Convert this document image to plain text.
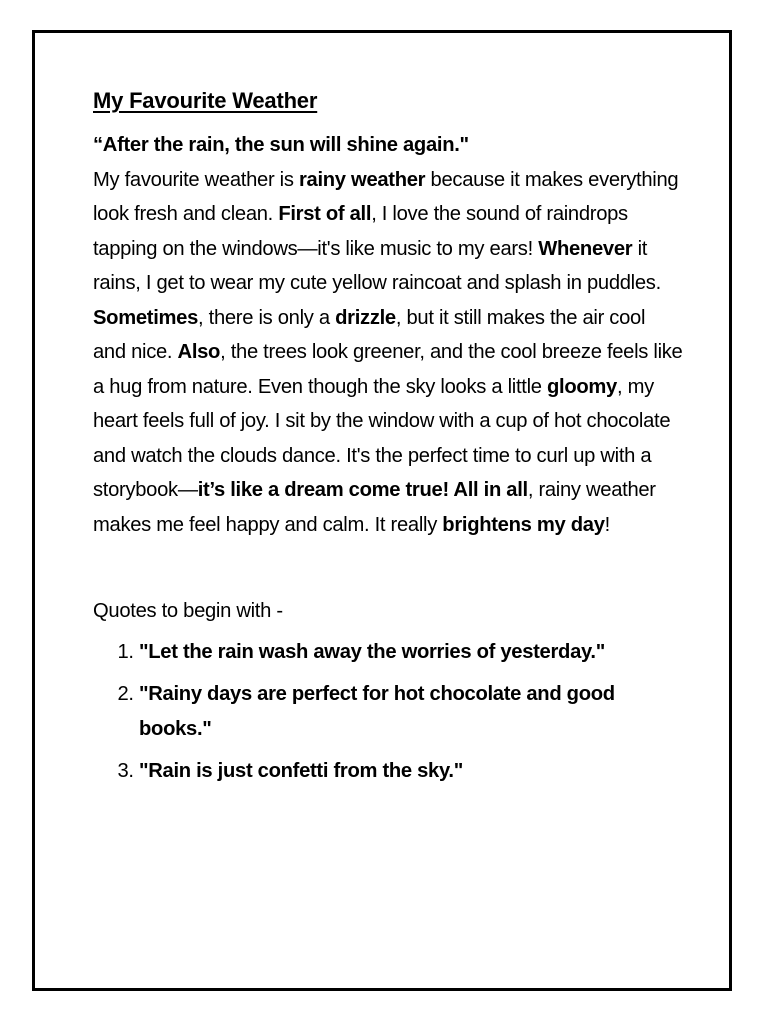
My Favourite Weather

“After the rain, the sun will shine again."
My favourite weather is rainy weather because it makes everything look fresh and clean. First of all, I love the sound of raindrops tapping on the windows—it's like music to my ears! Whenever it rains, I get to wear my cute yellow raincoat and splash in puddles. Sometimes, there is only a drizzle, but it still makes the air cool and nice. Also, the trees look greener, and the cool breeze feels like a hug from nature. Even though the sky looks a little gloomy, my heart feels full of joy. I sit by the window with a cup of hot chocolate and watch the clouds dance. It's the perfect time to curl up with a storybook—it’s like a dream come true! All in all, rainy weather makes me feel happy and calm. It really brightens my day!

Quotes to begin with -
1. "Let the rain wash away the worries of yesterday."
2. "Rainy days are perfect for hot chocolate and good books."
3. "Rain is just confetti from the sky."
